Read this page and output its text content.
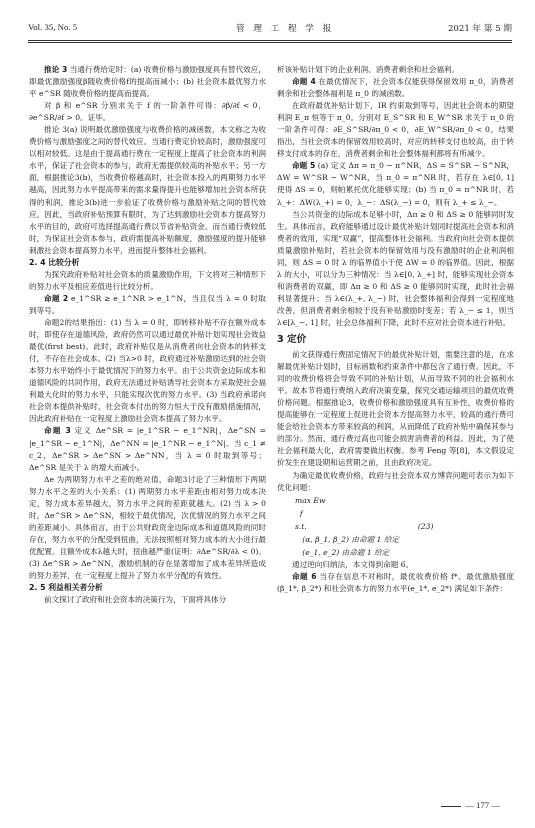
Vol. 35, No. 5	管 理 工 程 学 报	2021 年 第 5 期

推论 3 当通行费给定时：(a) 收费价格与激励强度具有替代效应，即最优激励强度β随收费价格f的提高而减小；(b) 社会资本最优努力水平 e^SR 随收费价格的提高而提高。

对 β 和 e^SR 分别求关于 f 的一阶条件可得：∂β/∂f < 0，∂e^SR/∂f > 0。证毕。

推论 3(a) 说明最优激励强度与收费价格的减函数，本文称之为收费价格与激励强度之间的替代效应。当通行费定价较高时，激励强度可以相对较低。这是由于提高通行费在一定程度上提高了社会资本的利润水平，保证了社会资本的参与，政府无需提供较高的补贴水平；另一方面，根据推论3(b)，当收费价格越高时，社会资本投入的两期努力水平越高，因此努力水平提高带来的需求量得提升也能够增加社会资本所获得的利润，推论3(b)进一步验证了收费价格与激励补贴之间的替代效应。因此，当政府补贴预算有限时，为了达到激励社会资本方提高努力水平的目的，政府可选择提高通行费以节省补贴资金。而当通行费较低时，为保证社会资本参与，政府需提高补贴额度，激励强度的提升能够刺激社会资本提高努力水平，进而提升整体社会福利。

2. 4 比较分析

为探究政府补贴对社会资本的质量激励作用，下文将对三种情形下的努力水平及相应差值进行比较分析。

命题 2 e_1^SR ≥ e_1^NR > e_1^N，当且仅当 λ = 0 时取到等号。

命题2的结果指出：(1) 当 λ = 0 时，即转移补贴不存在额外成本时，即使存在道德风险，政府仍然可以通过最优补贴计划实现社会效益最优(first best)。此时，政府补贴仅是从消费者向社会资本的转移支付，不存在社会成本。(2) 当λ>0 时，政府通过补贴激励达到的社会资本努力水平始终小于最优情况下的努力水平。由于公共资金边际成本和道德风险的共同作用，政府无法通过补贴诱导社会资本方采取使社会福利最大化时的努力水平，只能实现次优的努力水平。(3) 当政府承诺向社会资本提供补贴时，社会资本付出的努力恒大于没有激励措施情况，因此政府补贴在一定程度上激励社会资本提高了努力水平。

命题 3 定义 Δe^SR = |e_1^SR − e_1^NR|，Δe^SN = |e_1^SR − e_1^N|，Δe^NN = |e_1^NR − e_1^N|。当 c_1 ≠ c_2，Δe^SR > Δe^SN > Δe^NN，当 λ = 0 时取到等号；Δe^SR 是关于 λ 的增大而减小。

Δe 为两期努力水平之差的绝对值，命题3讨论了三种情形下两期努力水平之差的大小关系：(1) 两期努力水平差距由相对努力成本决定，努力成本差异越大，努力水平之间的差距就越大。(2) 当 λ > 0 时，Δe^SR > Δe^SN，相较于最优情况，次优情况的努力水平之间的差距减小。具体而言，由于公共财政资金边际成本和道德风险的同时存在，努力水平的分配受到扭曲，无法按照相对努力成本的大小进行最优配置。且额外成本λ越大时，扭曲越严重(证明：∂Δe^SR/∂λ < 0)。(3) Δe^SR > Δe^NN，激励机制的存在显著增加了成本差异所造成的努力差异，在一定程度上提升了努力水平分配的有效性。

2. 5 利益相关者分析

前文探讨了政府和社会资本的决策行为，下面将具体分

析该补贴计划下的企业利润、消费者剩余和社会福利。

命题 4 在最优情况下，社会资本仅能获得保留效用 π_0，消费者剩余和社会整体福利是 π_0 的减函数。

在政府最优补贴计划下，IR 约束取到等号，因此社会资本的期望利润 E_π 恒等于 π_0。分别对 E_S^SR 和 E_W^SR 求关于 π_0 的一阶条件可得：∂E_S^SR/∂π_0 < 0，∂E_W^SR/∂π_0 < 0。结果指出，当社会资本的保留效用较高时，对应的转移支付也较高，由于转移支付成本的存在，消费者剩余和社会整体福利都将有所减少。

命题 5 (a) 定义 Δπ = π_0 − π^NR，ΔS = S^SR − S^NR，ΔW = W^SR − W^NR，当 π_0 = π^NR 时，若存在 λ∈[0, 1] 使得 ΔS = 0，则帕累托优化能够实现；(b) 当 π_0 = π^NR 时，若 λ_+：ΔW(λ_+) = 0，λ_−：ΔS(λ_−) = 0，则有 λ_+ ≤ λ_−。

当公共资金的边际成本足够小时，Δπ ≥ 0 和 ΔS ≥ 0 能够同时发生。具体而言，政府能够通过设计最优补贴计划同时提高社会资本和消费者的效用，实现“双赢”，提高整体社会福利。当政府向社会资本提供质量激励补贴时，若社会资本的保留效用与没有激励时的企业利润相同，则 ΔS = 0 时 λ 的临界值小于使 ΔW = 0 的临界值。因此，根据 λ 的大小，可以分为三种情况：当 λ∈[0, λ_+] 时，能够实现社会资本和消费者的双赢，即 Δπ ≥ 0 和 ΔS ≥ 0 能够同时实现，此时社会福利显著提升；当 λ∈(λ_+, λ_−) 时，社会整体福利会得到一定程度地改善，但消费者剩余相较于没有补贴激励时变差；若 λ_− ≤ 1，则当 λ∈[λ_−, 1] 时，社会总体福利下降，此时不应对社会资本进行补贴。

3 定价

前文获得通行费固定情况下的最优补贴计划，需要注意的是，在求解最优补贴计划时，目标函数和约束条件中都包含了通行费。因此，不同的收费价格将会导致不同的补贴计划，从而导致不同的社会福利水平。故本节将通行费纳入政府决策变量，探究交通运输项目的最优收费价格问题。根据推论3，收费价格和激励强度具有互补性，收费价格的提高能够在一定程度上促进社会资本方提高努力水平，较高的通行费可能会给社会资本方带来较高的利润，从而降低了政府补贴中确保其参与的部分。然而，通行费过高也可能会损害消费者的利益。因此，为了使社会福利最大化，政府需要做出权衡。参考 Feng 等[8]，本文假设定价发生在建设期和运营期之前，且由政府决定。

为确定最优收费价格，政府与社会资本双方博弈问题可表示为如下优化问题：

max Ew
f
s.t.                                              (23)
(α, β_1, β_2) 由命题 1 给定
(e_1, e_2) 由命题 1 给定

通过逆向归纳法，本文得到命题 6。

命题 6 当存在信息不对称时，最优收费价格 f*、最优激励强度(β_1*, β_2*) 和社会资本方的努力水平(e_1*, e_2*) 满足如下条件：

— 177 —
